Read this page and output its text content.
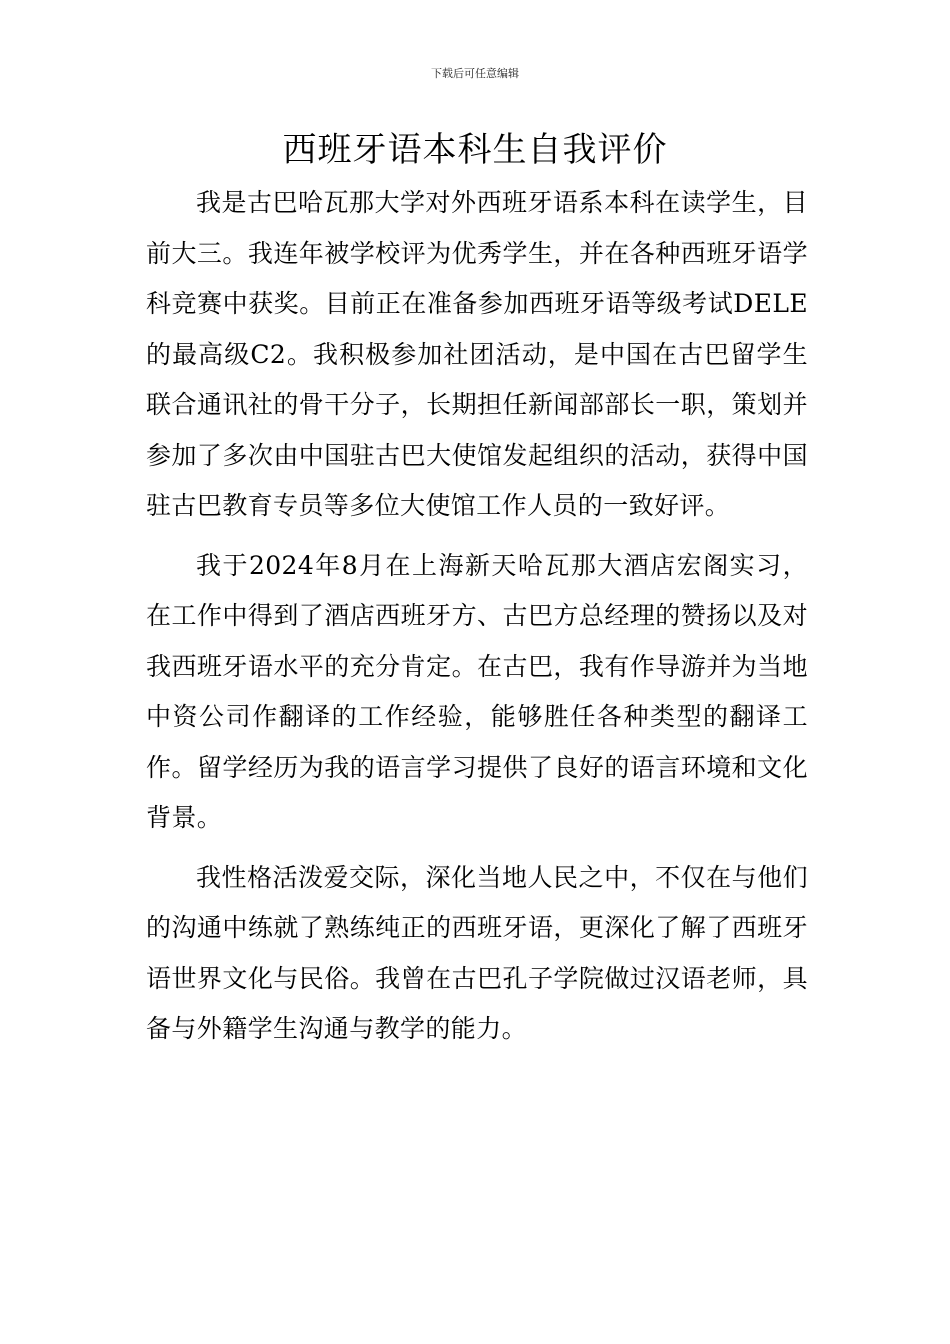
下载后可任意编辑
西班牙语本科生自我评价

我是古巴哈瓦那大学对外西班牙语系本科在读学生，目前大三。我连年被学校评为优秀学生，并在各种西班牙语学科竞赛中获奖。目前正在准备参加西班牙语等级考试DELE的最高级C2。我积极参加社团活动，是中国在古巴留学生联合通讯社的骨干分子，长期担任新闻部部长一职，策划并参加了多次由中国驻古巴大使馆发起组织的活动，获得中国驻古巴教育专员等多位大使馆工作人员的一致好评。

我于2024年8月在上海新天哈瓦那大酒店宏阁实习，在工作中得到了酒店西班牙方、古巴方总经理的赞扬以及对我西班牙语水平的充分肯定。在古巴，我有作导游并为当地中资公司作翻译的工作经验，能够胜任各种类型的翻译工作。留学经历为我的语言学习提供了良好的语言环境和文化背景。

我性格活泼爱交际，深化当地人民之中，不仅在与他们的沟通中练就了熟练纯正的西班牙语，更深化了解了西班牙语世界文化与民俗。我曾在古巴孔子学院做过汉语老师，具备与外籍学生沟通与教学的能力。
